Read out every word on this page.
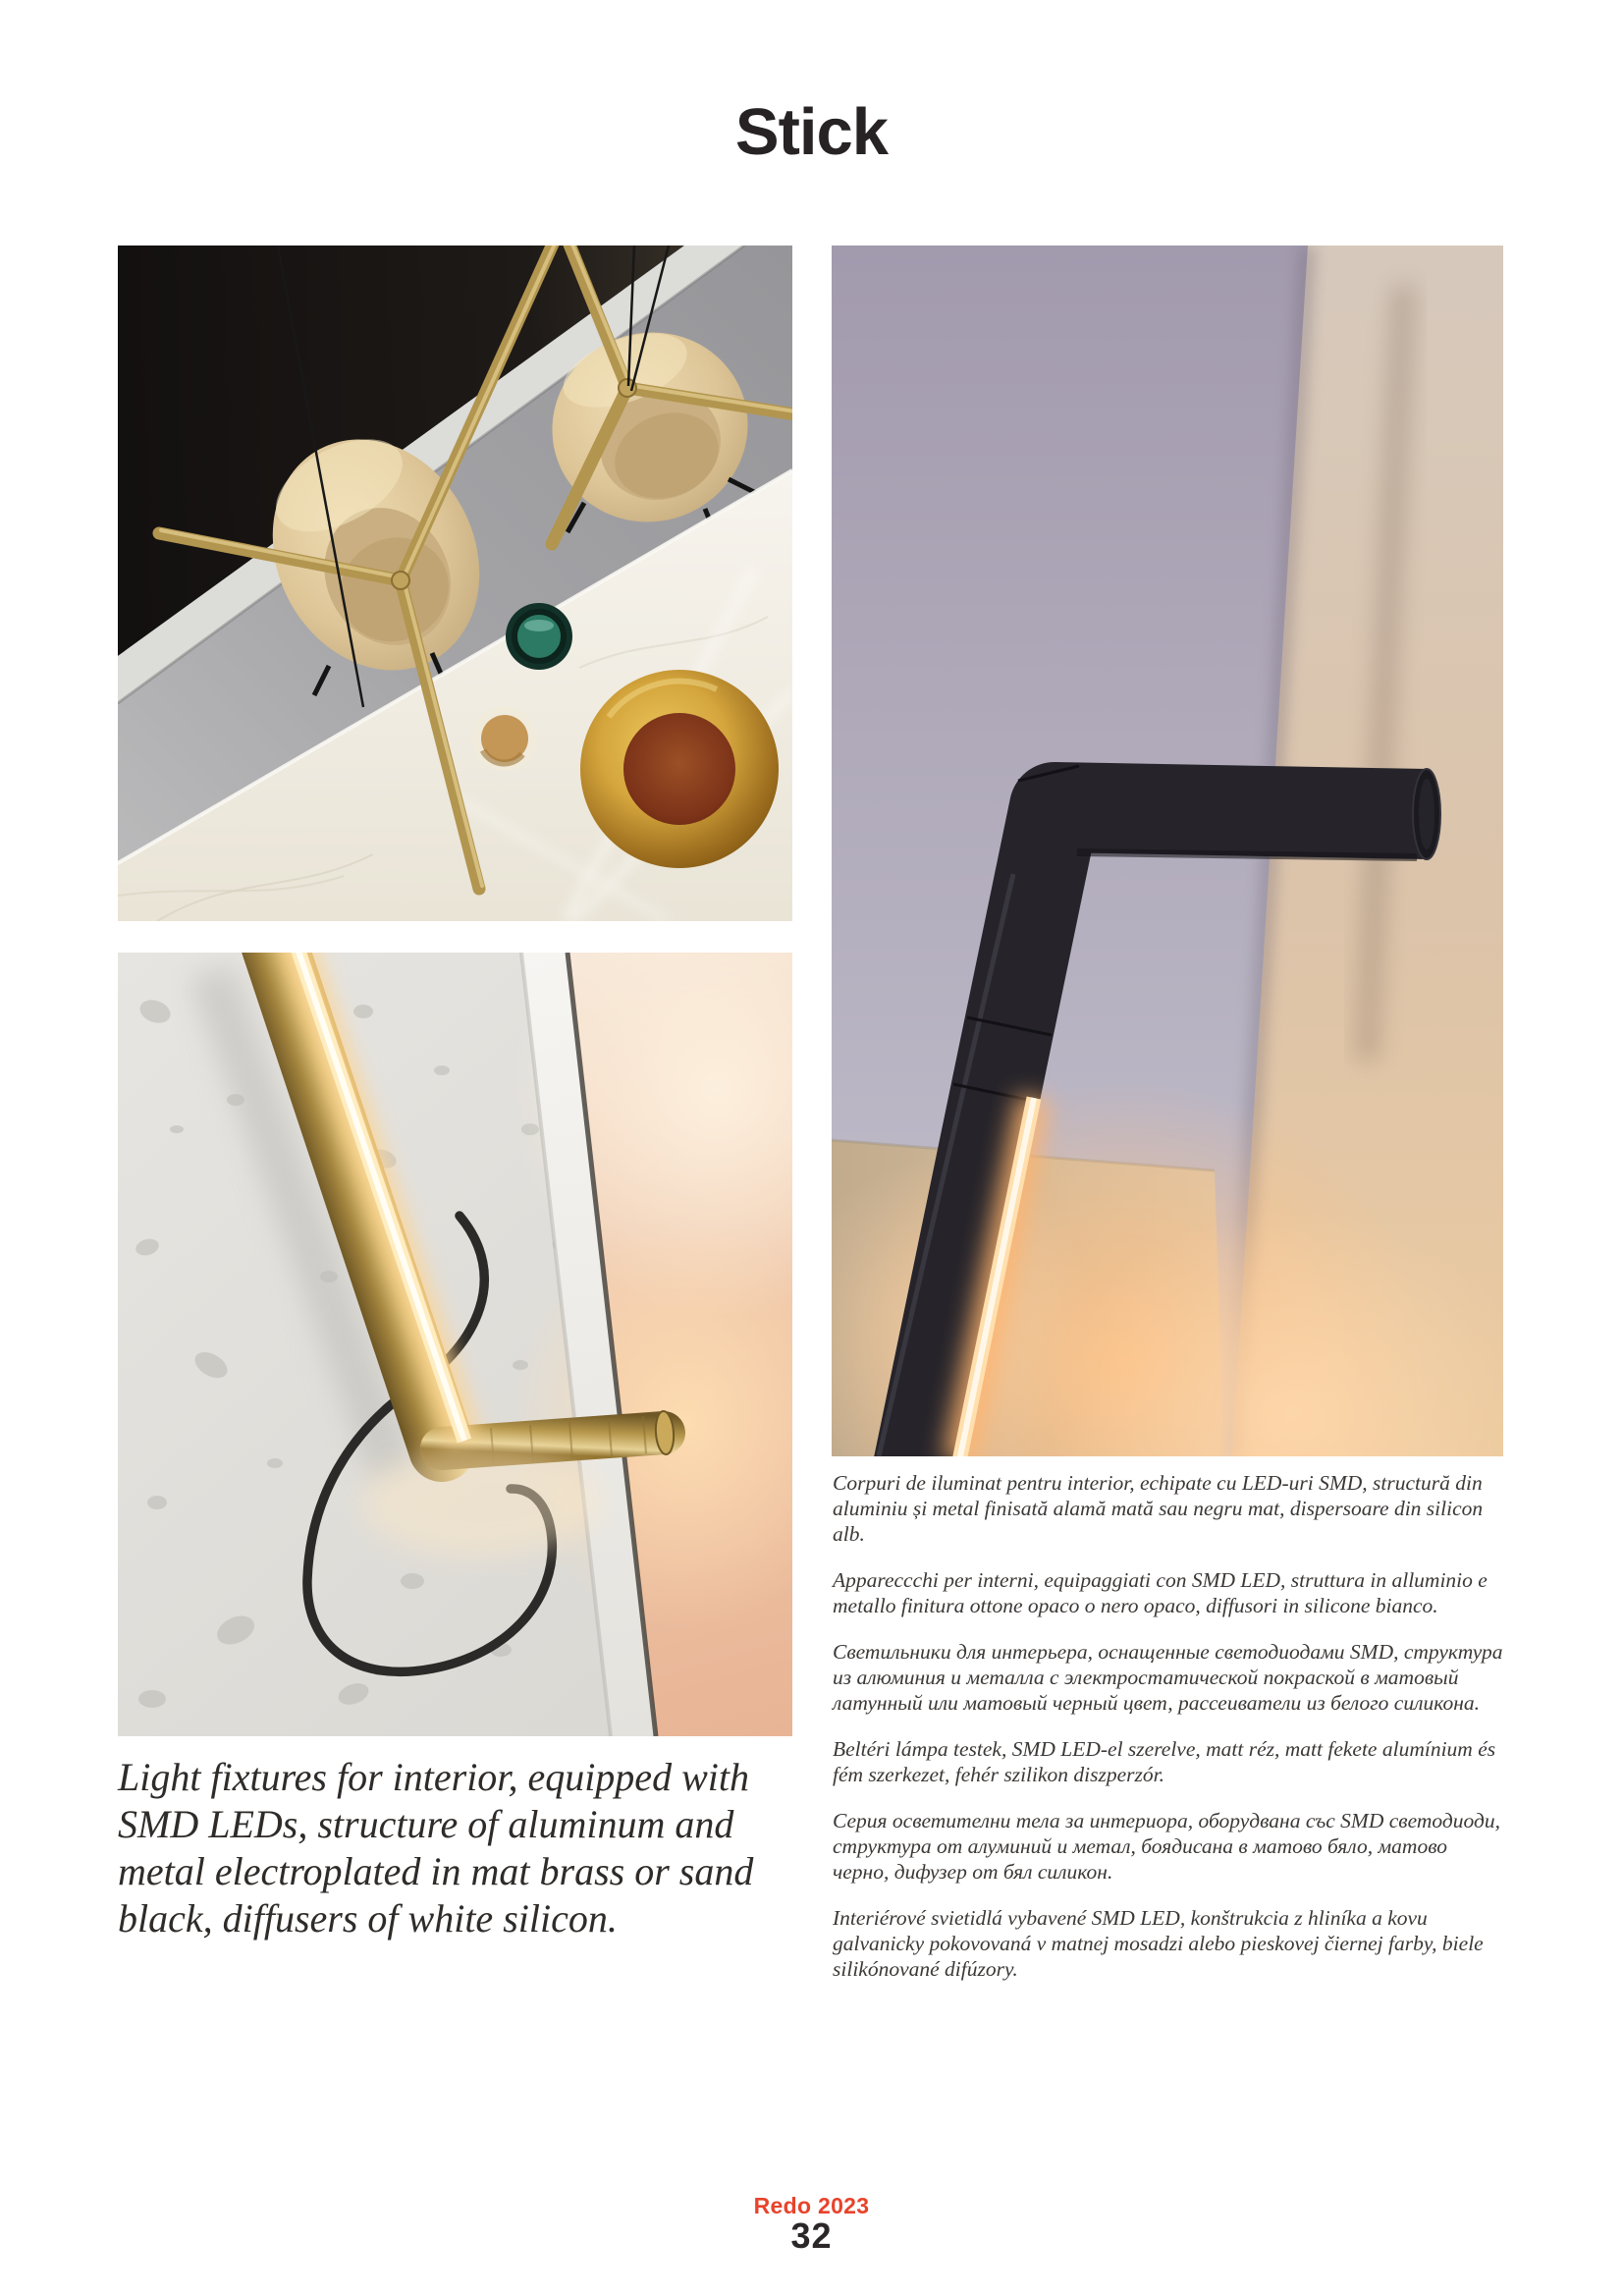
Stick
Light fixtures for interior, equipped with SMD LEDs, structure of aluminum and metal electroplated in mat brass or sand black, diffusers of white silicon.

Corpuri de iluminat pentru interior, echipate cu LED-uri SMD, structură din aluminiu și metal finisată alamă mată sau negru mat, dispersoare din silicon alb.

Appareccchi per interni, equipaggiati con SMD LED, struttura in alluminio e metallo finitura ottone opaco o nero opaco, diffusori in silicone bianco.

Светильники для интерьера, оснащенные светодиодами SMD, структура из алюминия и металла с электростатической покраской в матовый латунный или матовый черный цвет, рассеиватели из белого силикона.

Beltéri lámpa testek, SMD LED-el szerelve, matt réz, matt fekete alumínium és fém szerkezet, fehér szilikon diszperzór.

Серия осветителни тела за интериора, оборудвана със SMD светодиоди, структура от алуминий и метал, боядисана в матово бяло, матово черно, дифузер от бял силикон.

Interiérové svietidlá vybavené SMD LED, konštrukcia z hliníka a kovu galvanicky pokovovaná v matnej mosadzi alebo pieskovej čiernej farby, biele silikónované difúzory.

Redo 2023
32
